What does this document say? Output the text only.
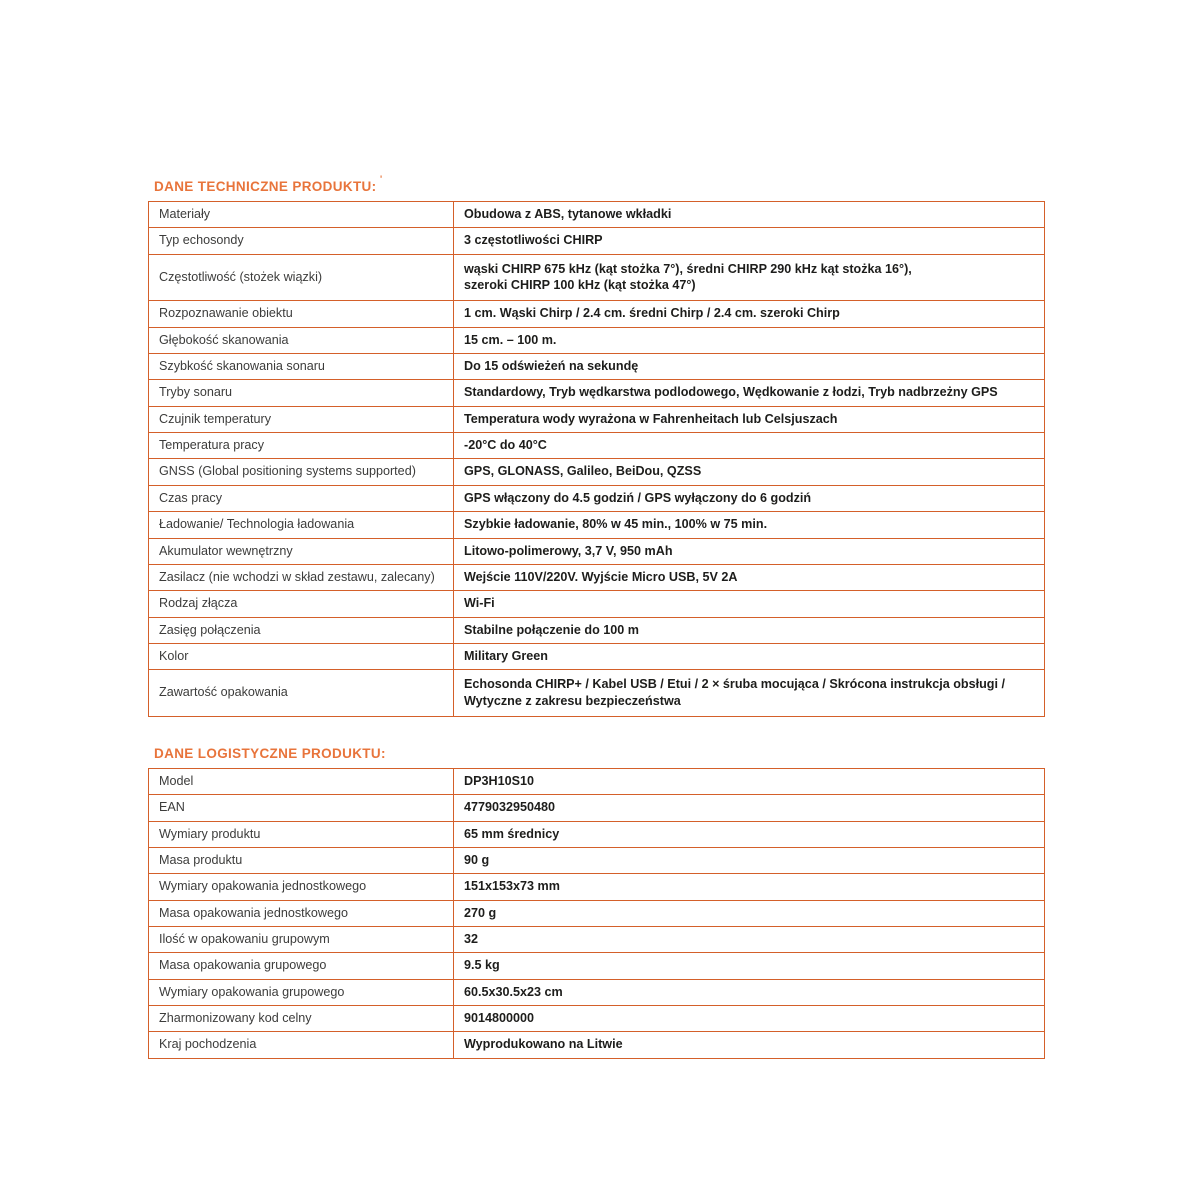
DANE TECHNICZNE PRODUKTU: '
Materiały	Obudowa z ABS, tytanowe wkładki

Typ echosondy	3 częstotliwości CHIRP

Częstotliwość (stożek wiązki)	wąski CHIRP 675 kHz (kąt stożka 7°), średni CHIRP 290 kHz kąt stożka 16°),
szeroki CHIRP 100 kHz (kąt stożka 47°)

Rozpoznawanie obiektu	1 cm. Wąski Chirp / 2.4 cm. średni Chirp / 2.4 cm. szeroki Chirp

Głębokość skanowania	15 cm. – 100 m.

Szybkość skanowania sonaru	Do 15 odświeżeń na sekundę

Tryby sonaru	Standardowy, Tryb wędkarstwa podlodowego, Wędkowanie z łodzi, Tryb nadbrzeżny GPS

Czujnik temperatury	Temperatura wody wyrażona w Fahrenheitach lub Celsjuszach

Temperatura pracy	-20°C do 40°C

GNSS (Global positioning systems supported)	GPS, GLONASS, Galileo, BeiDou, QZSS

Czas pracy	GPS włączony do 4.5 godziń / GPS wyłączony do 6 godziń

Ładowanie/ Technologia ładowania	Szybkie ładowanie, 80% w 45 min., 100% w 75 min.

Akumulator wewnętrzny	Litowo-polimerowy, 3,7 V, 950 mAh

Zasilacz (nie wchodzi w skład zestawu, zalecany)	Wejście 110V/220V. Wyjście Micro USB, 5V 2A

Rodzaj złącza	Wi-Fi

Zasięg połączenia	Stabilne połączenie do 100 m

Kolor	Military Green

Zawartość opakowania	Echosonda CHIRP+ / Kabel USB / Etui / 2 × śruba mocująca / Skrócona instrukcja obsługi /
Wytyczne z zakresu bezpieczeństwa
DANE LOGISTYCZNE PRODUKTU:
Model	DP3H10S10

EAN	4779032950480

Wymiary produktu	65 mm średnicy

Masa produktu	90 g

Wymiary opakowania jednostkowego	151x153x73 mm

Masa opakowania jednostkowego	270 g

Ilość w opakowaniu grupowym	32

Masa opakowania grupowego	9.5 kg

Wymiary opakowania grupowego	60.5x30.5x23 cm

Zharmonizowany kod celny	9014800000

Kraj pochodzenia	Wyprodukowano na Litwie
